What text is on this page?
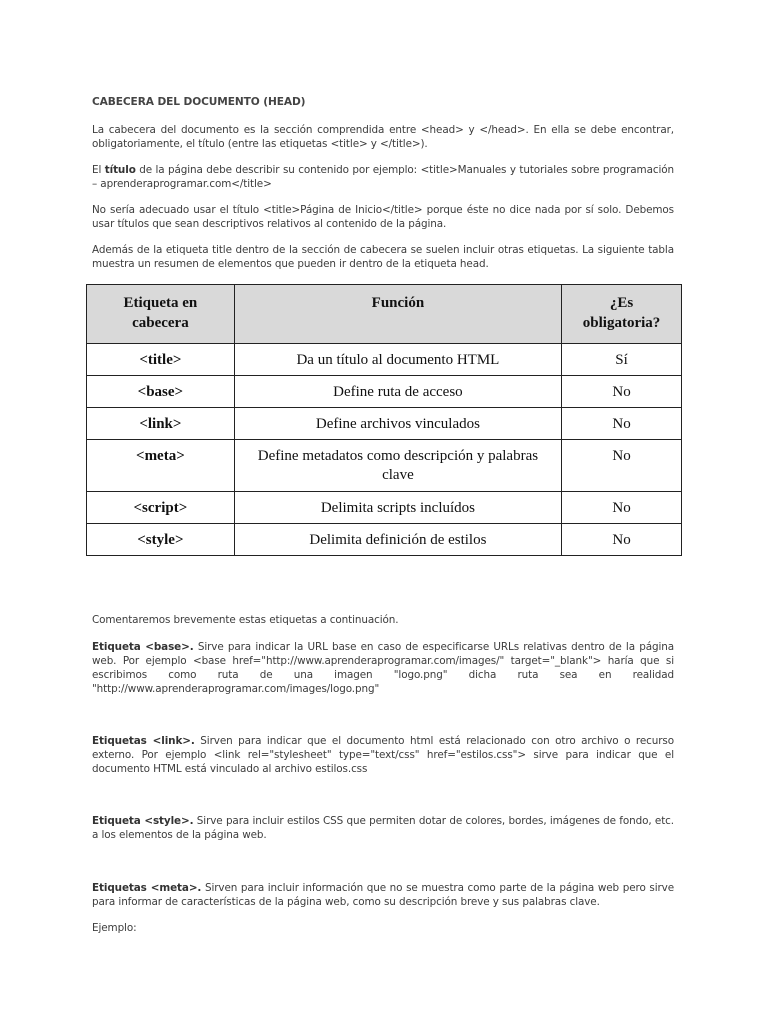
CABECERA DEL DOCUMENTO (HEAD)

La cabecera del documento es la sección comprendida entre <head> y </head>. En ella se debe encontrar, obligatoriamente, el título (entre las etiquetas <title> y </title>).

El título de la página debe describir su contenido por ejemplo: <title>Manuales y tutoriales sobre programación – aprenderaprogramar.com</title>

No sería adecuado usar el título <title>Página de Inicio</title> porque éste no dice nada por sí solo. Debemos usar títulos que sean descriptivos relativos al contenido de la página.

Además de la etiqueta title dentro de la sección de cabecera se suelen incluir otras etiquetas. La siguiente tabla muestra un resumen de elementos que pueden ir dentro de la etiqueta head.

Etiqueta en cabecera	Función	¿Es obligatoria?
<title>	Da un título al documento HTML	Sí
<base>	Define ruta de acceso	No
<link>	Define archivos vinculados	No
<meta>	Define metadatos como descripción y palabras clave	No
<script>	Delimita scripts incluídos	No
<style>	Delimita definición de estilos	No

Comentaremos brevemente estas etiquetas a continuación.

Etiqueta <base>. Sirve para indicar la URL base en caso de especificarse URLs relativas dentro de la página web. Por ejemplo <base href="http://www.aprenderaprogramar.com/images/" target="_blank"> haría que si escribimos como ruta de una imagen "logo.png" dicha ruta sea en realidad "http://www.aprenderaprogramar.com/images/logo.png"

Etiquetas <link>. Sirven para indicar que el documento html está relacionado con otro archivo o recurso externo. Por ejemplo <link rel="stylesheet" type="text/css" href="estilos.css"> sirve para indicar que el documento HTML está vinculado al archivo estilos.css

Etiqueta <style>. Sirve para incluir estilos CSS que permiten dotar de colores, bordes, imágenes de fondo, etc. a los elementos de la página web.

Etiquetas <meta>. Sirven para incluir información que no se muestra como parte de la página web pero sirve para informar de características de la página web, como su descripción breve y sus palabras clave.

Ejemplo:
